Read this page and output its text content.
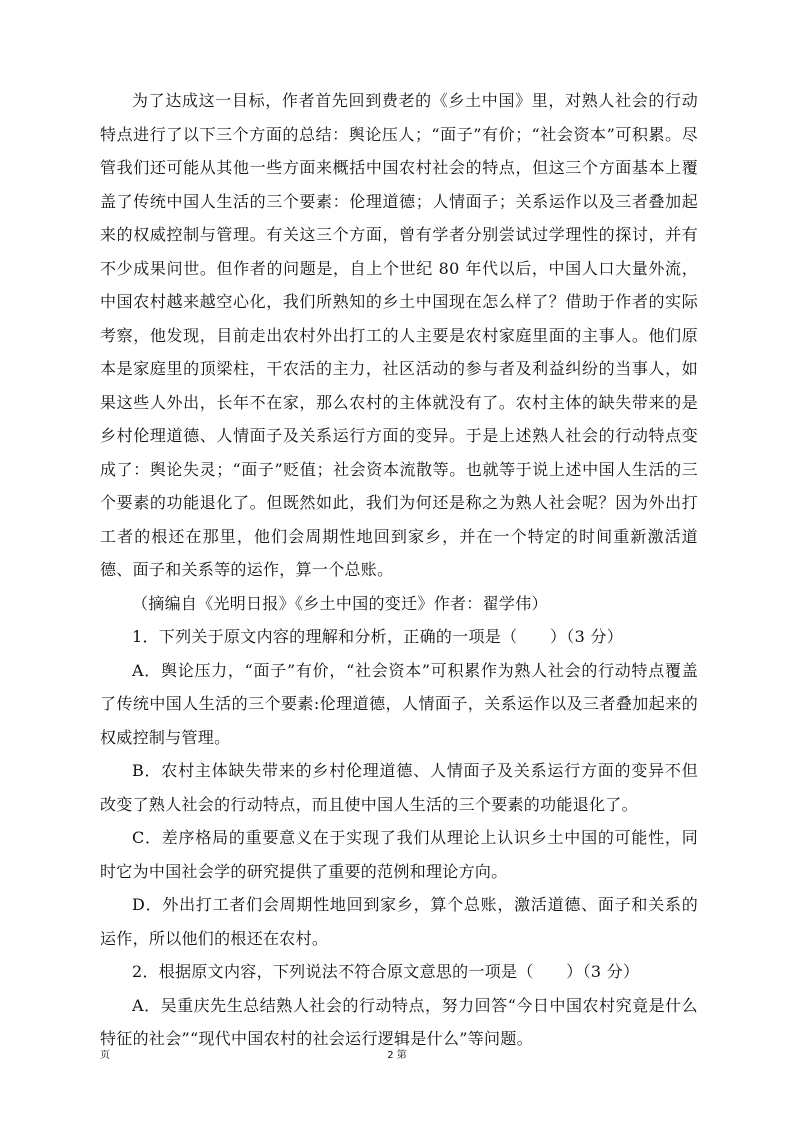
为了达成这一目标，作者首先回到费老的《乡土中国》里，对熟人社会的行动特点进行了以下三个方面的总结：舆论压人；“面子”有价；“社会资本”可积累。尽管我们还可能从其他一些方面来概括中国农村社会的特点，但这三个方面基本上覆盖了传统中国人生活的三个要素：伦理道德；人情面子；关系运作以及三者叠加起来的权威控制与管理。有关这三个方面，曾有学者分别尝试过学理性的探讨，并有不少成果问世。但作者的问题是，自上个世纪 80 年代以后，中国人口大量外流，中国农村越来越空心化，我们所熟知的乡土中国现在怎么样了？借助于作者的实际考察，他发现，目前走出农村外出打工的人主要是农村家庭里面的主事人。他们原本是家庭里的顶梁柱，干农活的主力，社区活动的参与者及利益纠纷的当事人，如果这些人外出，长年不在家，那么农村的主体就没有了。农村主体的缺失带来的是乡村伦理道德、人情面子及关系运行方面的变异。于是上述熟人社会的行动特点变成了：舆论失灵；“面子”贬值；社会资本流散等。也就等于说上述中国人生活的三个要素的功能退化了。但既然如此，我们为何还是称之为熟人社会呢？因为外出打工者的根还在那里，他们会周期性地回到家乡，并在一个特定的时间重新激活道德、面子和关系等的运作，算一个总账。

（摘编自《光明日报》《乡土中国的变迁》作者：翟学伟）

1．下列关于原文内容的理解和分析，正确的一项是（　　）（3 分）

A．舆论压力，“面子”有价，“社会资本”可积累作为熟人社会的行动特点覆盖了传统中国人生活的三个要素:伦理道德，人情面子，关系运作以及三者叠加起来的权威控制与管理。

B．农村主体缺失带来的乡村伦理道德、人情面子及关系运行方面的变异不但改变了熟人社会的行动特点，而且使中国人生活的三个要素的功能退化了。

C．差序格局的重要意义在于实现了我们从理论上认识乡土中国的可能性，同时它为中国社会学的研究提供了重要的范例和理论方向。

D．外出打工者们会周期性地回到家乡，算个总账，激活道德、面子和关系的运作，所以他们的根还在农村。

2．根据原文内容，下列说法不符合原文意思的一项是（　　）（3 分）

A．吴重庆先生总结熟人社会的行动特点，努力回答“今日中国农村究竟是什么特征的社会”“现代中国农村的社会运行逻辑是什么”等问题。

页	2 第
